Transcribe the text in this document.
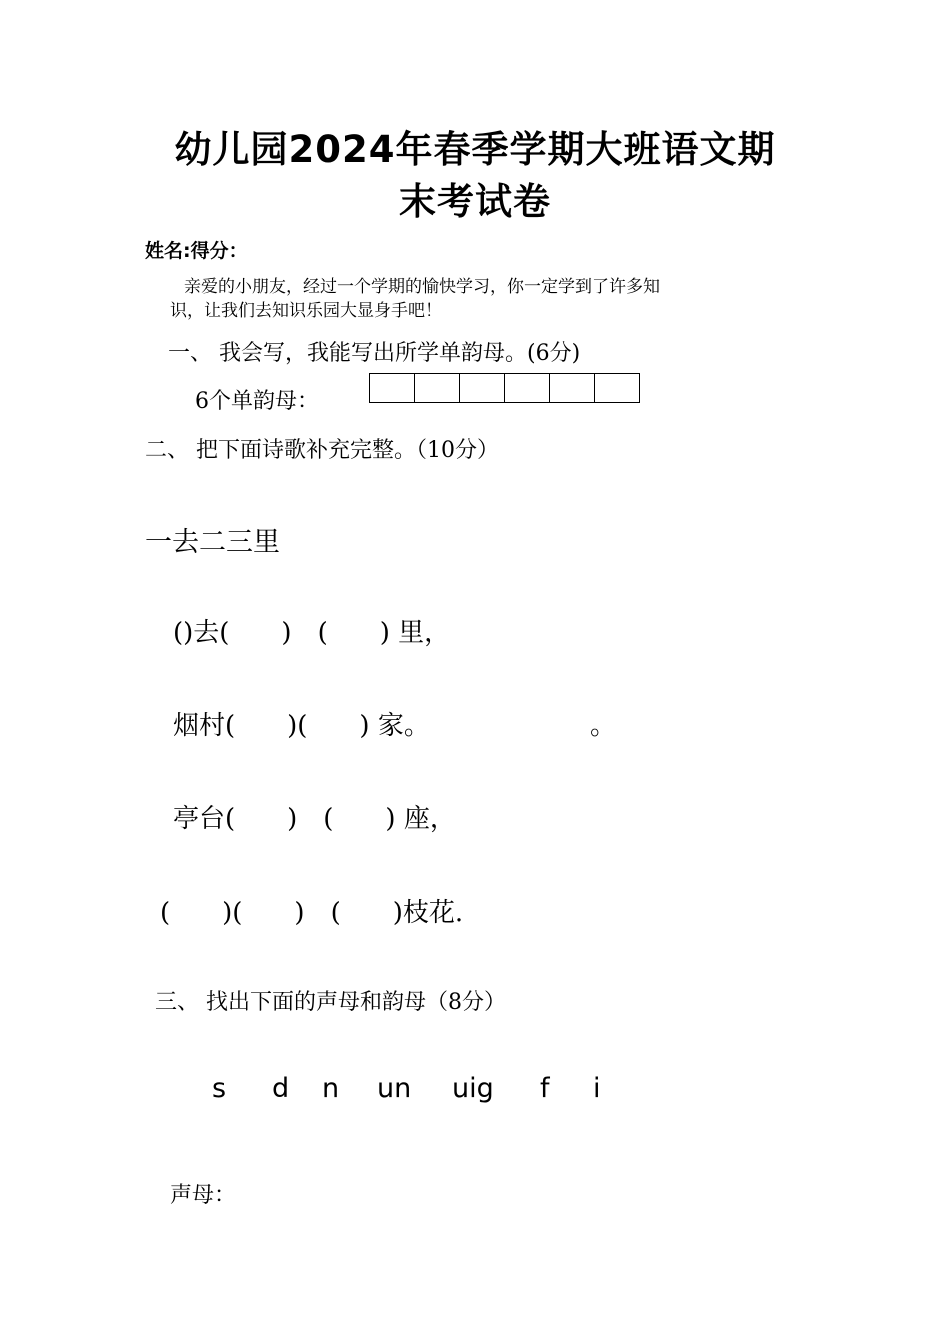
幼儿园2024年春季学期大班语文期
末考试卷
姓名:得分：
亲爱的小朋友，经过一个学期的愉快学习，你一定学到了许多知
识，让我们去知识乐园大显身手吧！
一、 我会写，我能写出所学单韵母。(6分)
6个单韵母：
二、 把下面诗歌补充完整。（10分）
一去二三里
()去(　　)　(　　) 里，
烟村(　　)(　　) 家。	。
亭台(　　)　(　　) 座，
(　　)(　　)　(　　)枝花.
三、 找出下面的声母和韵母（8分）
s	d	n	un	uig	f	i
声母：
